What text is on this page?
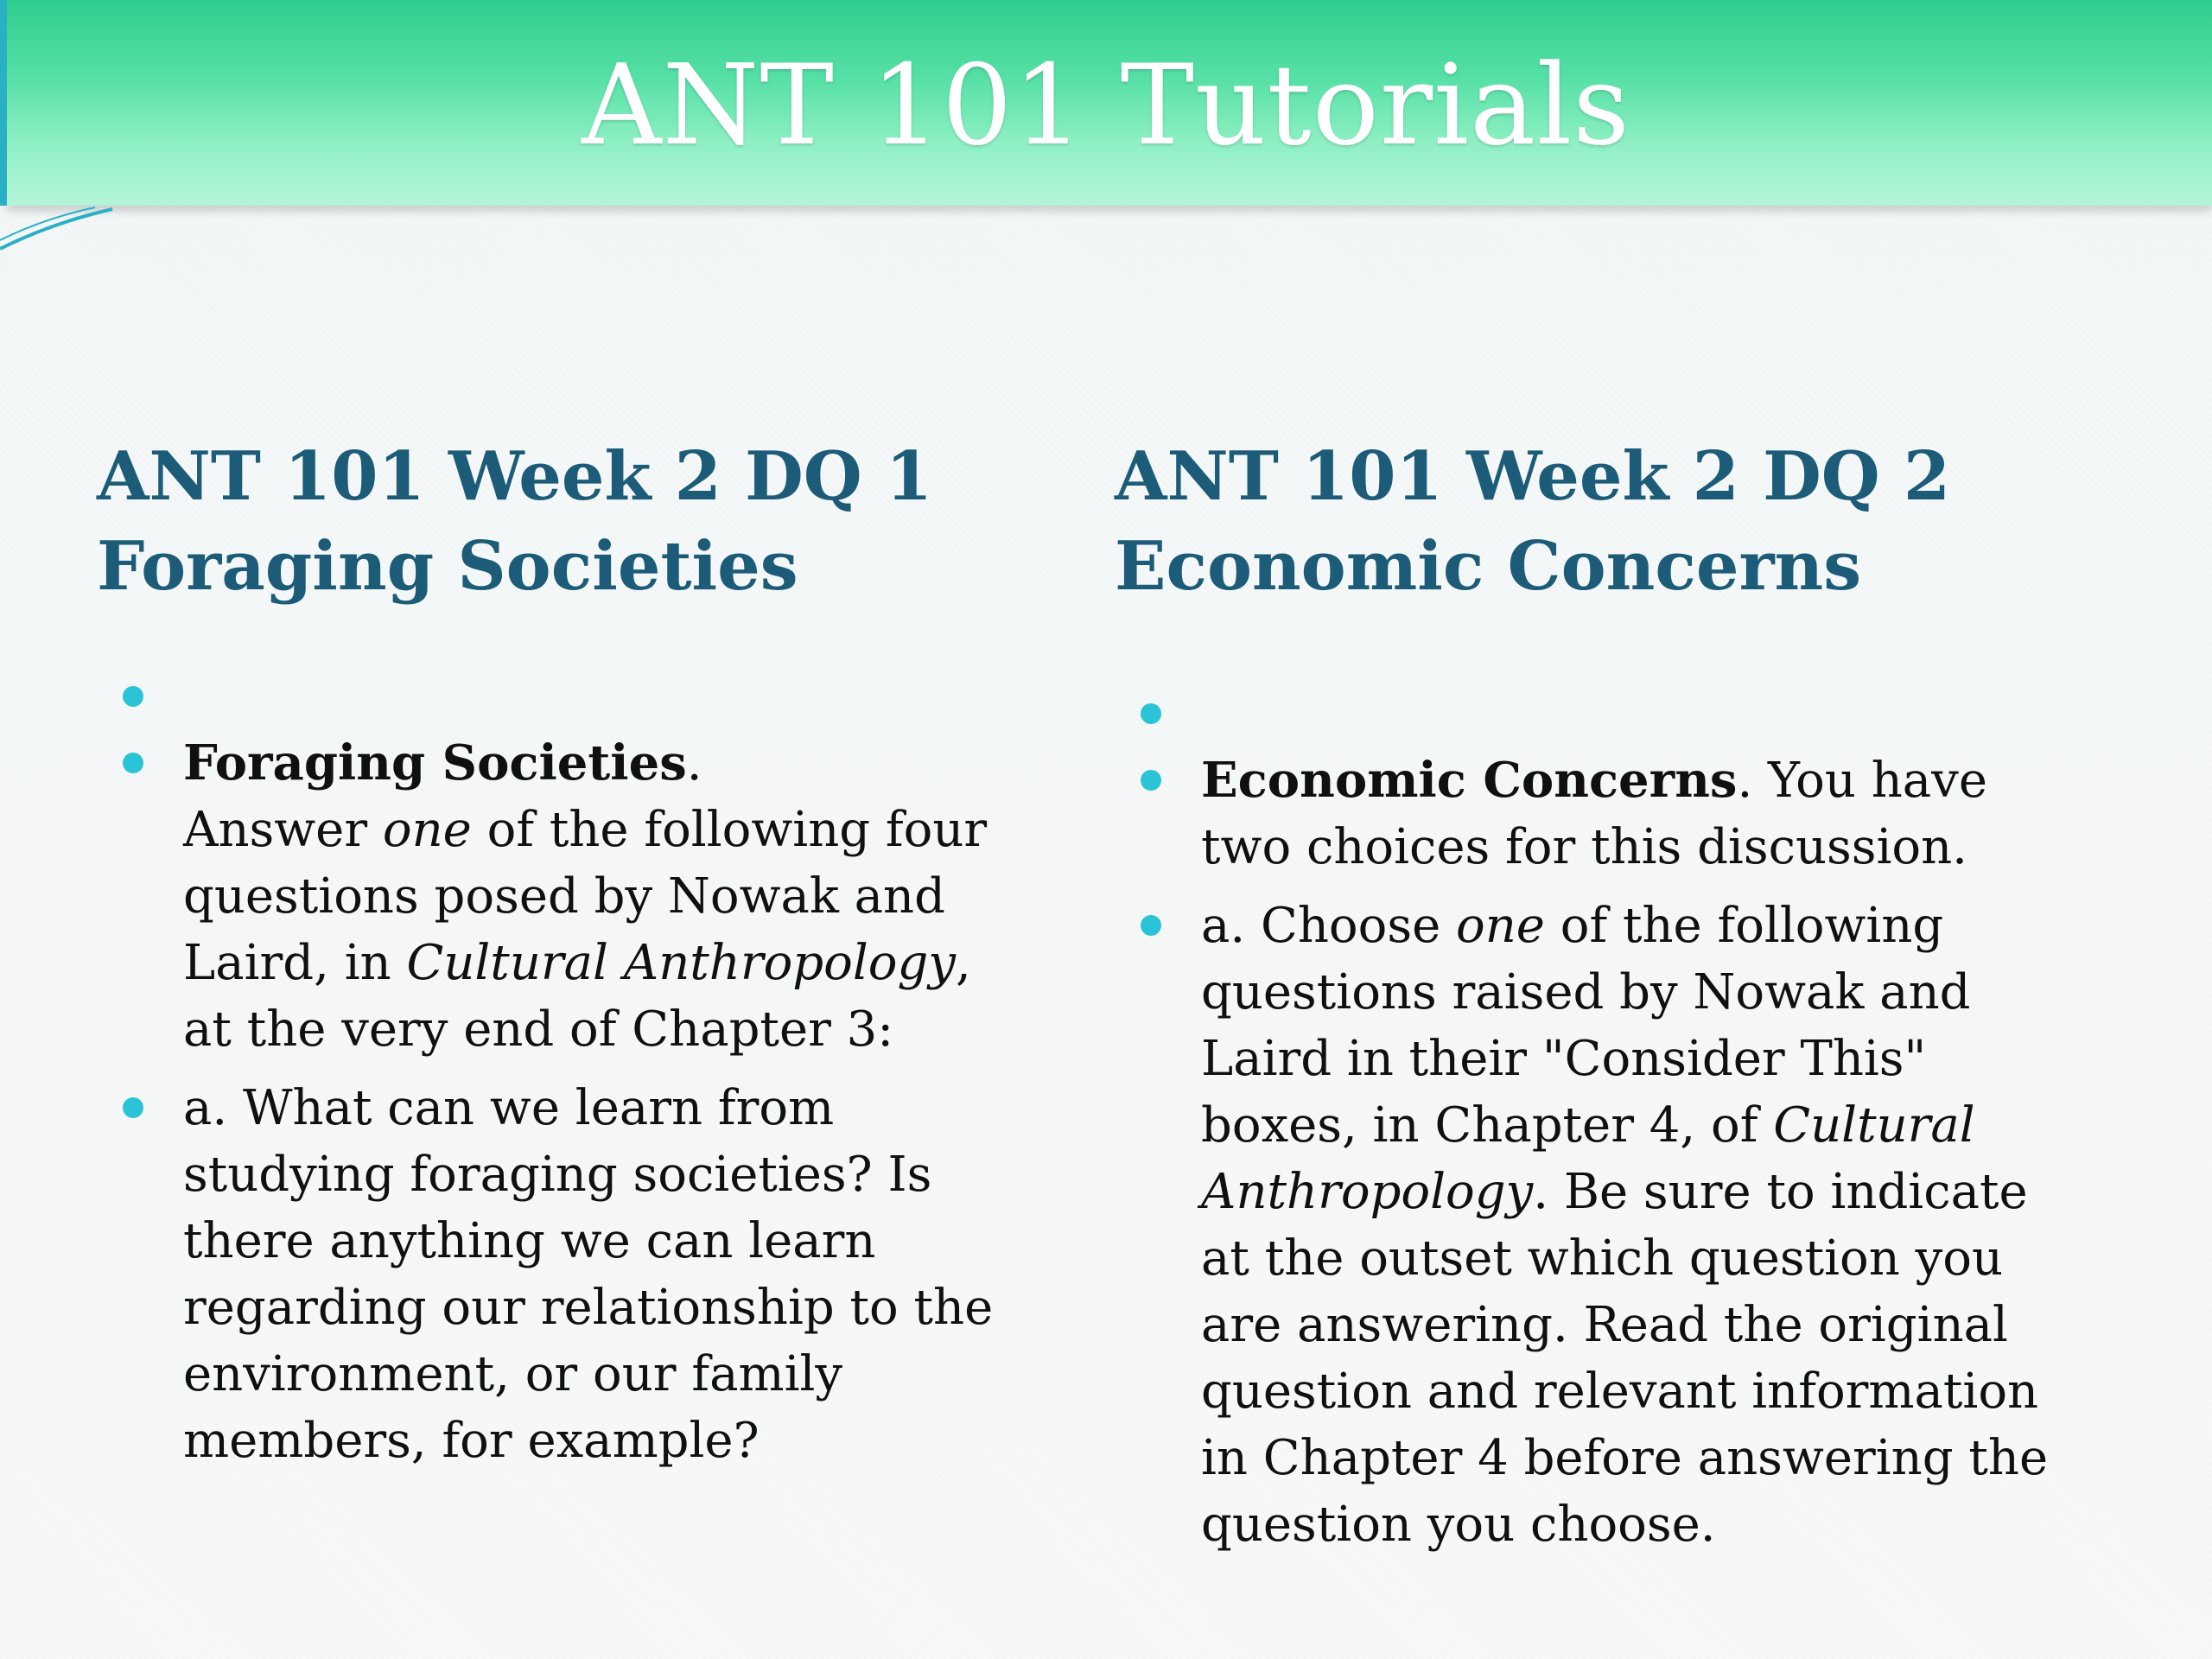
ANT 101 Tutorials
ANT 101 Week 2 DQ 1
Foraging Societies
Foraging Societies.
Answer one of the following four questions posed by Nowak and Laird, in Cultural Anthropology, at the very end of Chapter 3:
a. What can we learn from studying foraging societies? Is there anything we can learn regarding our relationship to the environment, or our family members, for example?
ANT 101 Week 2 DQ 2
Economic Concerns
Economic Concerns. You have two choices for this discussion.
a. Choose one of the following questions raised by Nowak and Laird in their "Consider This" boxes, in Chapter 4, of Cultural Anthropology. Be sure to indicate at the outset which question you are answering. Read the original question and relevant information in Chapter 4 before answering the question you choose.
